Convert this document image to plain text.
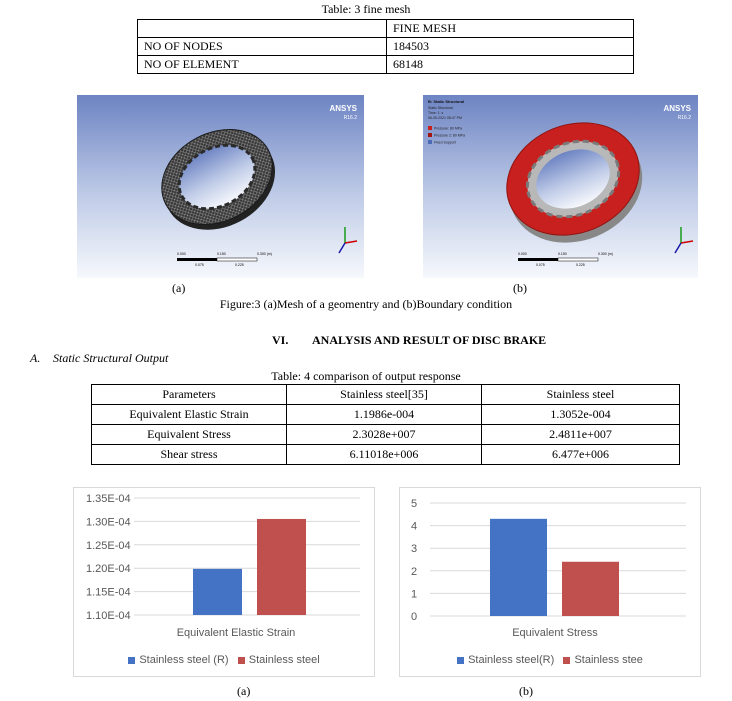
Table: 3 fine mesh
	FINE MESH
NO OF NODES	184503
NO OF ELEMENT	68148
ANSYS
R16.2
0.000	0.150	0.300 (m)
0.075	0.225
(a)
B: Static Structural
Static Structural
Time: 1. s
06-05-2021 08:47 PM
Pressure: 80 MPa
Pressure 2: 80 MPa
Fixed Support
ANSYS
R16.2
0.000	0.150	0.300 (m)
0.075	0.225
(b)
Figure:3 (a)Mesh of a geomentry and (b)Boundary condition
VI. ANALYSIS AND RESULT OF DISC BRAKE
A. Static Structural Output
Table: 4 comparison of output response
Parameters	Stainless steel[35]	Stainless steel
Equivalent Elastic Strain	1.1986e-004	1.3052e-004
Equivalent Stress	2.3028e+007	2.4811e+007
Shear stress	6.11018e+006	6.477e+006
1.10E-04
1.15E-04
1.20E-04
1.25E-04
1.30E-04
1.35E-04
Equivalent Elastic Strain
Stainless steel (R) Stainless steel
(a)
0
1
2
3
4
5
Equivalent Stress
Stainless steel(R) Stainless stee
(b)
